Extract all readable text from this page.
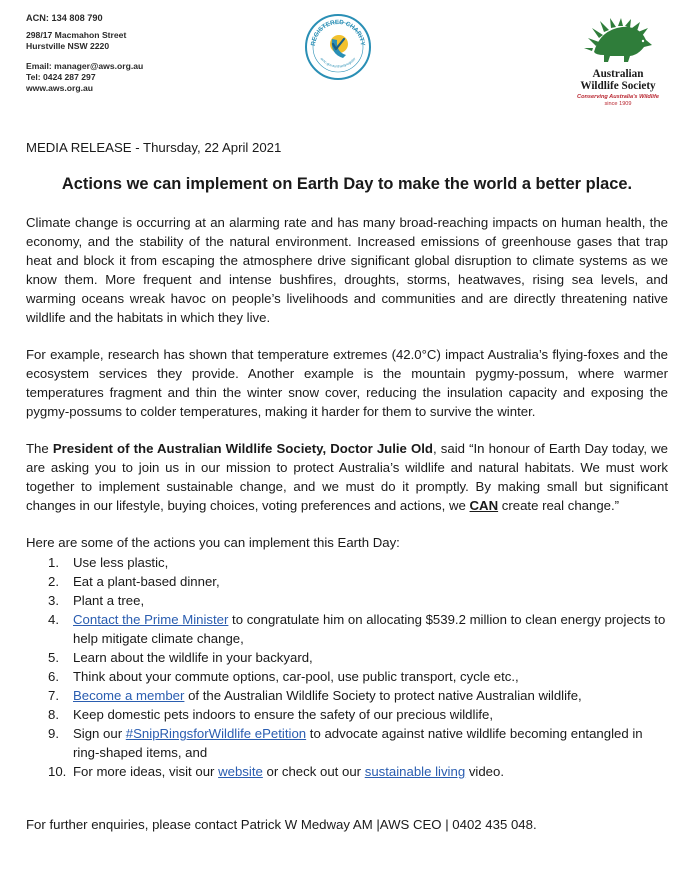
ACN: 134 808 790
298/17 Macmahon Street
Hurstville NSW 2220
Email: manager@aws.org.au
Tel: 0424 287 297
www.aws.org.au
REGISTERED CHARITY
acnc.gov.au/charityregister
Australian
Wildlife Society
Conserving Australia's Wildlife
since 1909
MEDIA RELEASE - Thursday, 22 April 2021
Actions we can implement on Earth Day to make the world a better place.

Climate change is occurring at an alarming rate and has many broad-reaching impacts on human health, the economy, and the stability of the natural environment. Increased emissions of greenhouse gases that trap heat and block it from escaping the atmosphere drive significant global disruption to climate systems as we know them. More frequent and intense bushfires, droughts, storms, heatwaves, rising sea levels, and warming oceans wreak havoc on people’s livelihoods and communities and are directly threatening native wildlife and the habitats in which they live.

For example, research has shown that temperature extremes (42.0°C) impact Australia’s flying-foxes and the ecosystem services they provide. Another example is the mountain pygmy-possum, where warmer temperatures fragment and thin the winter snow cover, reducing the insulation capacity and exposing the pygmy-possums to colder temperatures, making it harder for them to survive the winter.

The President of the Australian Wildlife Society, Doctor Julie Old, said “In honour of Earth Day today, we are asking you to join us in our mission to protect Australia’s wildlife and natural habitats. We must work together to implement sustainable change, and we must do it promptly. By making small but significant changes in our lifestyle, buying choices, voting preferences and actions, we CAN create real change.”

Here are some of the actions you can implement this Earth Day:
1. Use less plastic,
2. Eat a plant-based dinner,
3. Plant a tree,
4. Contact the Prime Minister to congratulate him on allocating $539.2 million to clean energy projects to help mitigate climate change,
5. Learn about the wildlife in your backyard,
6. Think about your commute options, car-pool, use public transport, cycle etc.,
7. Become a member of the Australian Wildlife Society to protect native Australian wildlife,
8. Keep domestic pets indoors to ensure the safety of our precious wildlife,
9. Sign our #SnipRingsforWildlife ePetition to advocate against native wildlife becoming entangled in ring-shaped items, and
10. For more ideas, visit our website or check out our sustainable living video.
For further enquiries, please contact Patrick W Medway AM |AWS CEO | 0402 435 048.
